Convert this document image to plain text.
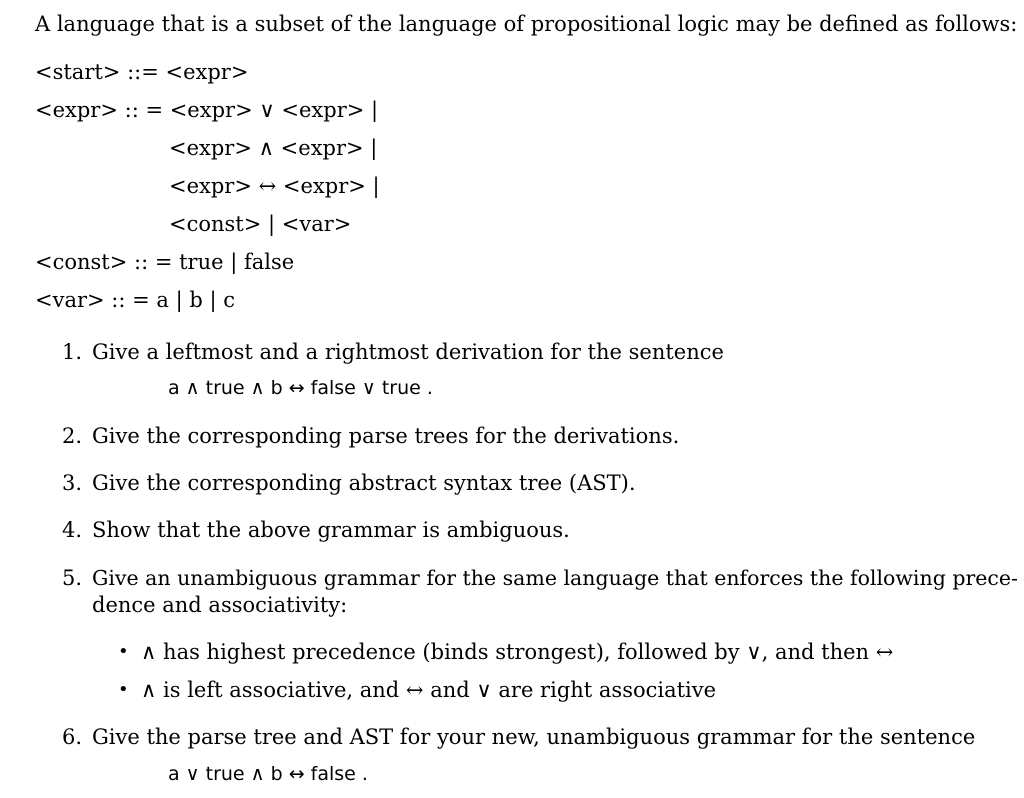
A language that is a subset of the language of propositional logic may be defined as follows:
<start> ::= <expr>
<expr> :: = <expr> ∨ <expr> |
<expr> ∧ <expr> |
<expr> ↔ <expr> |
<const> | <var>
<const> :: = true | false
<var> :: = a | b | c
1. Give a leftmost and a rightmost derivation for the sentence
a ∧ true ∧ b ↔ false ∨ true .
2. Give the corresponding parse trees for the derivations.
3. Give the corresponding abstract syntax tree (AST).
4. Show that the above grammar is ambiguous.
5. Give an unambiguous grammar for the same language that enforces the following prece-
dence and associativity:
• ∧ has highest precedence (binds strongest), followed by ∨, and then ↔
• ∧ is left associative, and ↔ and ∨ are right associative
6. Give the parse tree and AST for your new, unambiguous grammar for the sentence
a ∨ true ∧ b ↔ false .
